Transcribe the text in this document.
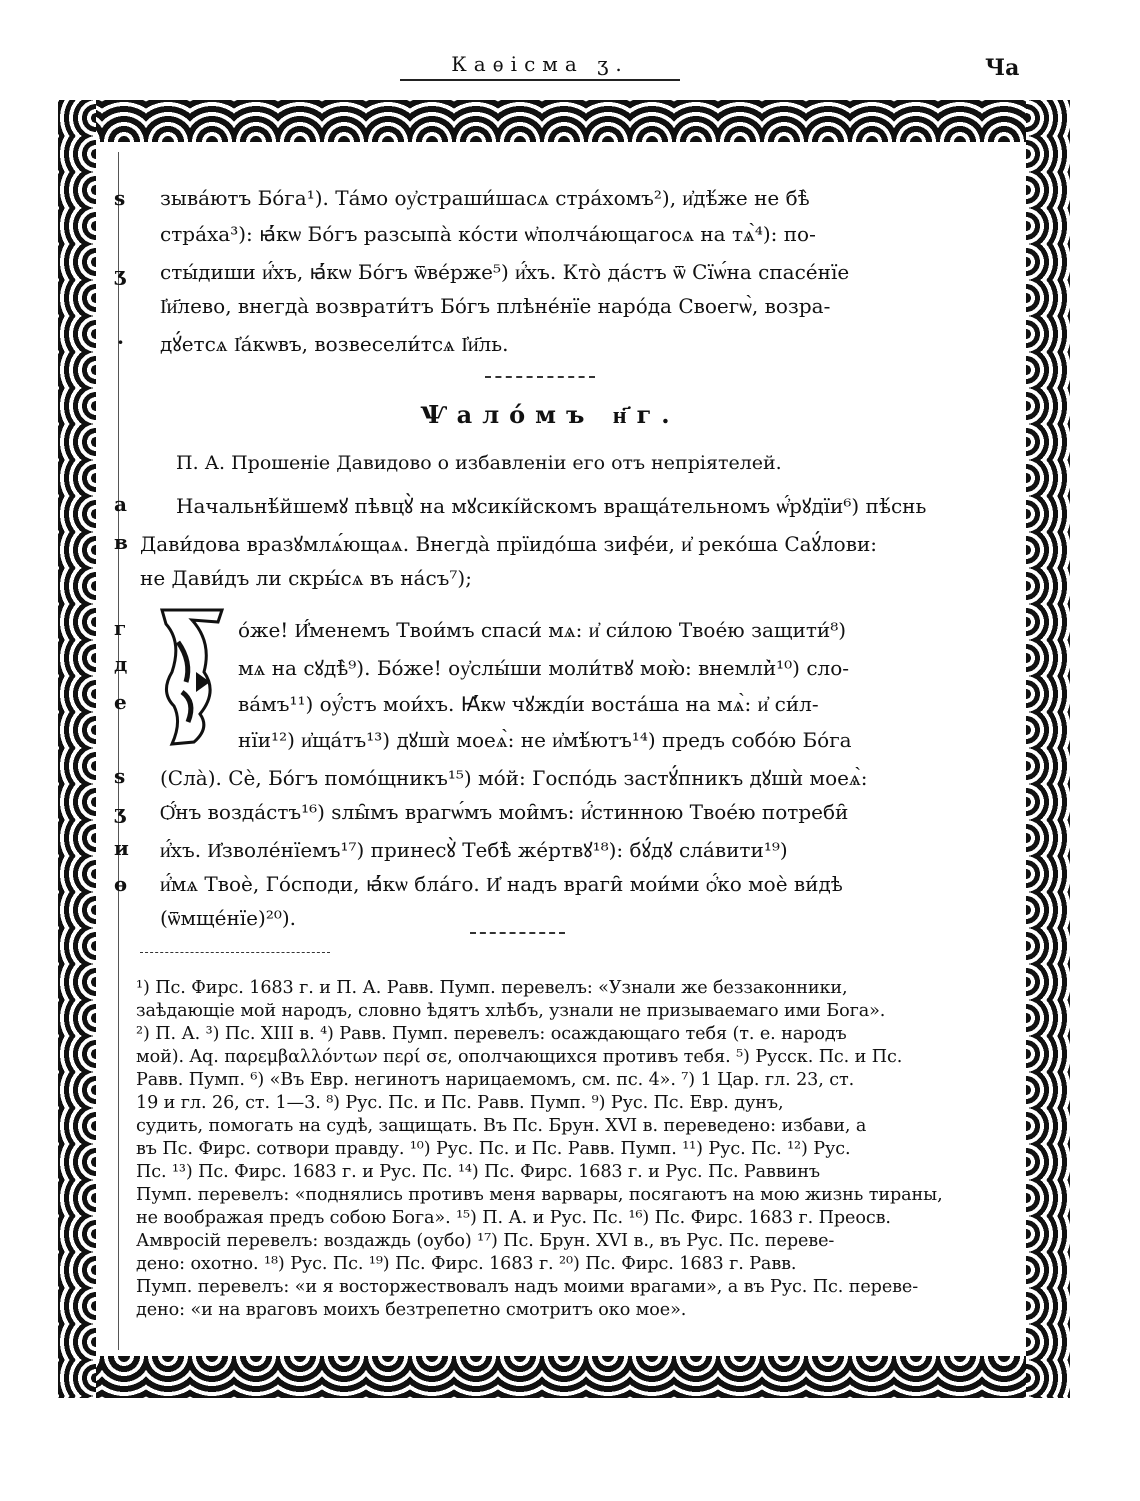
Каѳісма ӡ.	Ча
ѕ
ӡ
·
зыва́ютъ Бо́га¹). Та́мо оу҆страши́шасѧ стра́хомъ²), и҆дѣ́же не бѣ̀
стра́ха³): ꙗ҆́кѡ Бо́гъ разсыпа̀ ко́сти ѡ҆полча́ющагосѧ на тѧ̀⁴): по-
сты́диши и҆́хъ, ꙗ҆́кѡ Бо́гъ ѿве́рже⁵) и҆́хъ. Кто̀ да́стъ ѿ Сїѡ́на спасе́нїе
І҆и҃лево, внегда̀ возврати́тъ Бо́гъ плѣне́нїе наро́да Своегѡ̀, возра-
дꙋ́етсѧ І҆а́кѡвъ, возвесели́тсѧ І҆и҃ль.
Ѱало́мъ н҃г.
П. А. Прошеніе Давидово о избавленіи его отъ непріятелей.
а
в
Начальнѣ́йшемꙋ пѣвцꙋ̀ на мꙋсикі́йскомъ враща́тельномъ ѡ҆́рꙋдїи⁶) пѣ́снь
Дави́дова вразꙋмлѧ́ющаѧ. Внегда̀ прїидо́ша зифе́и, и҆ реко́ша Саꙋ́лови:
не Дави́дъ ли скры́сѧ въ на́съ⁷);
Б
г
д
е
ѕ
ӡ
и
ѳ
о́же! И҆́менемъ Твои́мъ спаси́ мѧ: и҆ си́лою Твое́ю защити́⁸)
мѧ на сꙋдѣ̀⁹). Бо́же! оу҆слы́ши моли́твꙋ мою̀: внемли̇̀¹⁰) сло-
ва́мъ¹¹) оу҆́стъ мои́хъ. Ꙗ҆́кѡ чꙋжді́и воста́ша на мѧ̀: и҆ си́л-
нїи¹²) и҆ща́тъ¹³) дꙋшѝ моеѧ̀: не и҆мѣ́ютъ¹⁴) предъ собо́ю Бо́га
(Сла̀). Сѐ, Бо́гъ помо́щникъ¹⁵) мо́й: Госпо́дь застꙋ́пникъ дꙋшѝ моеѧ̀:
Ѻ҆́нъ возда́стъ¹⁶) ѕлы̑мъ врагѡ́мъ мои̑мъ: и҆́стинною Твое́ю потреби̑
и҆́хъ. И҆зволе́нїемъ¹⁷) принесꙋ̀ Тебѣ̀ же́ртвꙋ¹⁸): бꙋ́дꙋ сла́вити¹⁹)
и҆́мѧ Твоѐ, Го́споди, ꙗ҆́кѡ бла́го. И҆ надъ враги̑ мои́ми ѻ҆́ко моѐ ви́дѣ
(ѿмще́нїе)²⁰).
¹) Пс. Фирс. 1683 г. и П. А. Равв. Пумп. перевелъ: «Узнали же беззаконники,
заѣдающіе мой народъ, словно ѣдятъ хлѣбъ, узнали не призываемаго ими Бога».
²) П. А. ³) Пс. XIII в. ⁴) Равв. Пумп. перевелъ: осаждающаго тебя (т. е. народъ
мой). Aq. παρεμβαλλόντων περί σε, ополчающихся противъ тебя. ⁵) Русск. Пс. и Пс.
Равв. Пумп. ⁶) «Въ Евр. негинотъ нарицаемомъ, см. пс. 4». ⁷) 1 Цар. гл. 23, ст.
19 и гл. 26, ст. 1—3. ⁸) Рус. Пс. и Пс. Равв. Пумп. ⁹) Рус. Пс. Евр. дунъ,
судить, помогать на судѣ, защищать. Въ Пс. Брун. XVI в. переведено: избави, а
въ Пс. Фирс. сотвори правду. ¹⁰) Рус. Пс. и Пс. Равв. Пумп. ¹¹) Рус. Пс. ¹²) Рус.
Пс. ¹³) Пс. Фирс. 1683 г. и Рус. Пс. ¹⁴) Пс. Фирс. 1683 г. и Рус. Пс. Раввинъ
Пумп. перевелъ: «поднялись противъ меня варвары, посягаютъ на мою жизнь тираны,
не воображая предъ собою Бога». ¹⁵) П. А. и Рус. Пс. ¹⁶) Пс. Фирс. 1683 г. Преосв.
Амвросій перевелъ: воздаждь (оубо) ¹⁷) Пс. Брун. XVI в., въ Рус. Пс. переве-
дено: охотно. ¹⁸) Рус. Пс. ¹⁹) Пс. Фирс. 1683 г. ²⁰) Пс. Фирс. 1683 г. Равв.
Пумп. перевелъ: «и я восторжествовалъ надъ моими врагами», а въ Рус. Пс. переве-
дено: «и на враговъ моихъ безтрепетно смотритъ око мое».
